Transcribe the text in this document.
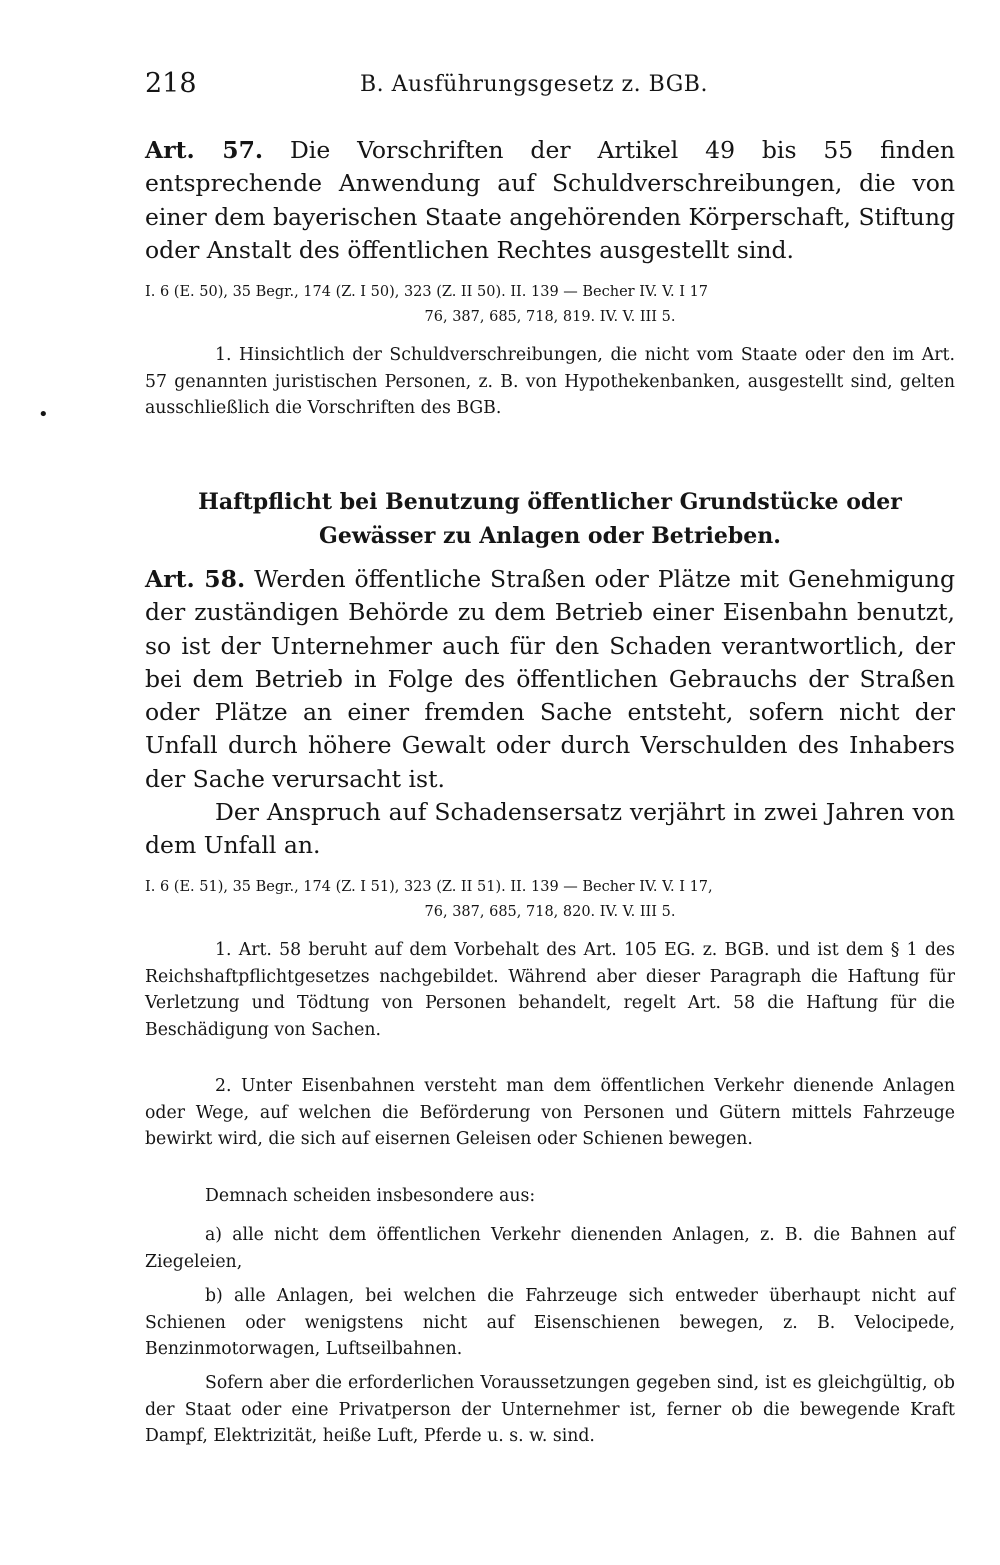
218	B. Ausführungsgesetz z. BGB.

Art. 57. Die Vorschriften der Artikel 49 bis 55 finden entsprechende Anwendung auf Schuldverschreibungen, die von einer dem bayerischen Staate angehörenden Körperschaft, Stiftung oder Anstalt des öffentlichen Rechtes ausgestellt sind.

I. 6 (E. 50), 35 Begr., 174 (Z. I 50), 323 (Z. II 50). II. 139 — Becher IV. V. I 17
76, 387, 685, 718, 819. IV. V. III 5.

1. Hinsichtlich der Schuldverschreibungen, die nicht vom Staate oder den im Art. 57 genannten juristischen Personen, z. B. von Hypothekenbanken, ausgestellt sind, gelten ausschließlich die Vorschriften des BGB.

•
Haftpflicht bei Benutzung öffentlicher Grundstücke oder
Gewässer zu Anlagen oder Betrieben.

Art. 58. Werden öffentliche Straßen oder Plätze mit Genehmigung der zuständigen Behörde zu dem Betrieb einer Eisenbahn benutzt, so ist der Unternehmer auch für den Schaden verantwortlich, der bei dem Betrieb in Folge des öffentlichen Gebrauchs der Straßen oder Plätze an einer fremden Sache entsteht, sofern nicht der Unfall durch höhere Gewalt oder durch Verschulden des Inhabers der Sache verursacht ist.

Der Anspruch auf Schadensersatz verjährt in zwei Jahren von dem Unfall an.

I. 6 (E. 51), 35 Begr., 174 (Z. I 51), 323 (Z. II 51). II. 139 — Becher IV. V. I 17,
76, 387, 685, 718, 820. IV. V. III 5.

1. Art. 58 beruht auf dem Vorbehalt des Art. 105 EG. z. BGB. und ist dem § 1 des Reichshaftpflichtgesetzes nachgebildet. Während aber dieser Paragraph die Haftung für Verletzung und Tödtung von Personen behandelt, regelt Art. 58 die Haftung für die Beschädigung von Sachen.

2. Unter Eisenbahnen versteht man dem öffentlichen Verkehr dienende Anlagen oder Wege, auf welchen die Beförderung von Personen und Gütern mittels Fahrzeuge bewirkt wird, die sich auf eisernen Geleisen oder Schienen bewegen.

Demnach scheiden insbesondere aus:

a) alle nicht dem öffentlichen Verkehr dienenden Anlagen, z. B. die Bahnen auf Ziegeleien,

b) alle Anlagen, bei welchen die Fahrzeuge sich entweder überhaupt nicht auf Schienen oder wenigstens nicht auf Eisenschienen bewegen, z. B. Velocipede, Benzinmotorwagen, Luftseilbahnen.

Sofern aber die erforderlichen Voraussetzungen gegeben sind, ist es gleichgültig, ob der Staat oder eine Privatperson der Unternehmer ist, ferner ob die bewegende Kraft Dampf, Elektrizität, heiße Luft, Pferde u. s. w. sind.
